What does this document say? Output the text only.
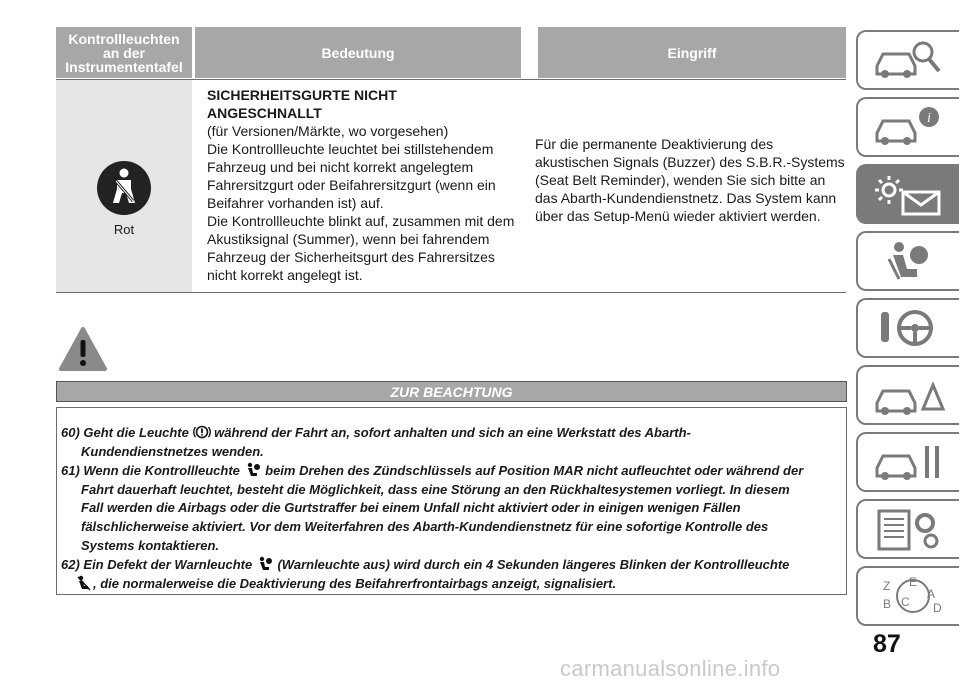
Kontrollleuchten an der Instrumententafel
Bedeutung	Eingriff
Rot
SICHERHEITSGURTE NICHT
ANGESCHNALLT
(für Versionen/Märkte, wo vorgesehen)
Die Kontrollleuchte leuchtet bei stillstehendem
Fahrzeug und bei nicht korrekt angelegtem
Fahrersitzgurt oder Beifahrersitzgurt (wenn ein
Beifahrer vorhanden ist) auf.
Die Kontrollleuchte blinkt auf, zusammen mit dem
Akustiksignal (Summer), wenn bei fahrendem
Fahrzeug der Sicherheitsgurt des Fahrersitzes
nicht korrekt angelegt ist.
Für die permanente Deaktivierung des
akustischen Signals (Buzzer) des S.B.R.-Systems
(Seat Belt Reminder), wenden Sie sich bitte an
das Abarth-Kundendienstnetz. Das System kann
über das Setup-Menü wieder aktiviert werden.
ZUR BEACHTUNG
60) Geht die Leuchte während der Fahrt an, sofort anhalten und sich an eine Werkstatt des Abarth-
Kundendienstnetzes wenden.
61) Wenn die Kontrollleuchte beim Drehen des Zündschlüssels auf Position MAR nicht aufleuchtet oder während der
Fahrt dauerhaft leuchtet, besteht die Möglichkeit, dass eine Störung an den Rückhaltesystemen vorliegt. In diesem
Fall werden die Airbags oder die Gurtstraffer bei einem Unfall nicht aktiviert oder in einigen wenigen Fällen
fälschlicherweise aktiviert. Vor dem Weiterfahren des Abarth-Kundendienstnetz für eine sofortige Kontrolle des
Systems kontaktieren.
62) Ein Defekt der Warnleuchte (Warnleuchte aus) wird durch ein 4 Sekunden längeres Blinken der Kontrollleuchte
, die normalerweise die Deaktivierung des Beifahrerfrontairbags anzeigt, signalisiert.
i
Z E
A
B C D
87
carmanualsonline.info
